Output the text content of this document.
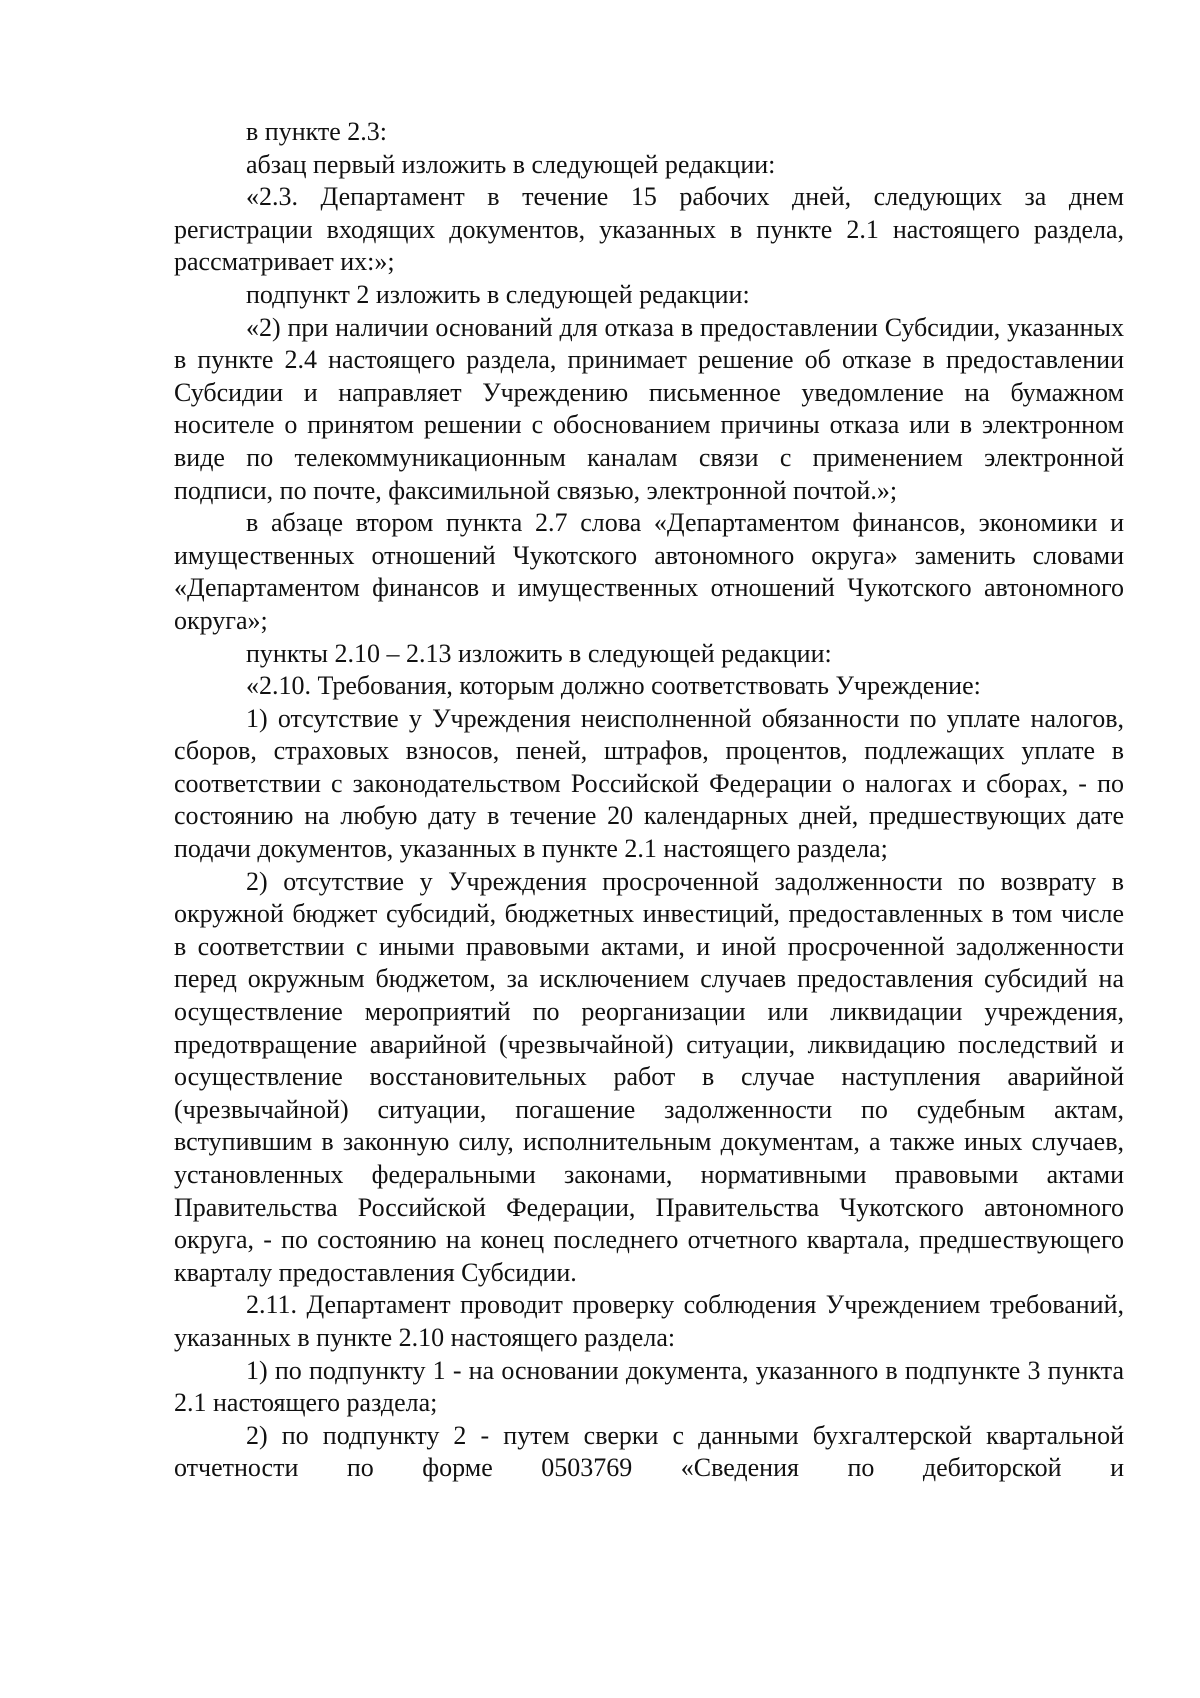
в пункте 2.3:

абзац первый изложить в следующей редакции:

«2.3. Департамент в течение 15 рабочих дней, следующих за днем регистрации входящих документов, указанных в пункте 2.1 настоящего раздела, рассматривает их:»;

подпункт 2 изложить в следующей редакции:

«2) при наличии оснований для отказа в предоставлении Субсидии, указанных в пункте 2.4 настоящего раздела, принимает решение об отказе в предоставлении Субсидии и направляет Учреждению письменное уведомление на бумажном носителе о принятом решении с обоснованием причины отказа или в электронном виде по телекоммуникационным каналам связи с применением электронной подписи, по почте, факсимильной связью, электронной почтой.»;

в абзаце втором пункта 2.7 слова «Департаментом финансов, экономики и имущественных отношений Чукотского автономного округа» заменить словами «Департаментом финансов и имущественных отношений Чукотского автономного округа»;

пункты 2.10 – 2.13 изложить в следующей редакции:

«2.10. Требования, которым должно соответствовать Учреждение:

1) отсутствие у Учреждения неисполненной обязанности по уплате налогов, сборов, страховых взносов, пеней, штрафов, процентов, подлежащих уплате в соответствии с законодательством Российской Федерации о налогах и сборах, - по состоянию на любую дату в течение 20 календарных дней, предшествующих дате подачи документов, указанных в пункте 2.1 настоящего раздела;

2) отсутствие у Учреждения просроченной задолженности по возврату в окружной бюджет субсидий, бюджетных инвестиций, предоставленных в том числе в соответствии с иными правовыми актами, и иной просроченной задолженности перед окружным бюджетом, за исключением случаев предоставления субсидий на осуществление мероприятий по реорганизации или ликвидации учреждения, предотвращение аварийной (чрезвычайной) ситуации, ликвидацию последствий и осуществление восстановительных работ в случае наступления аварийной (чрезвычайной) ситуации, погашение задолженности по судебным актам, вступившим в законную силу, исполнительным документам, а также иных случаев, установленных федеральными законами, нормативными правовыми актами Правительства Российской Федерации, Правительства Чукотского автономного округа, - по состоянию на конец последнего отчетного квартала, предшествующего кварталу предоставления Субсидии.

2.11. Департамент проводит проверку соблюдения Учреждением требований, указанных в пункте 2.10 настоящего раздела:

1) по подпункту 1 - на основании документа, указанного в подпункте 3 пункта 2.1 настоящего раздела;

2) по подпункту 2 - путем сверки с данными бухгалтерской квартальной отчетности по форме 0503769 «Сведения по дебиторской и
